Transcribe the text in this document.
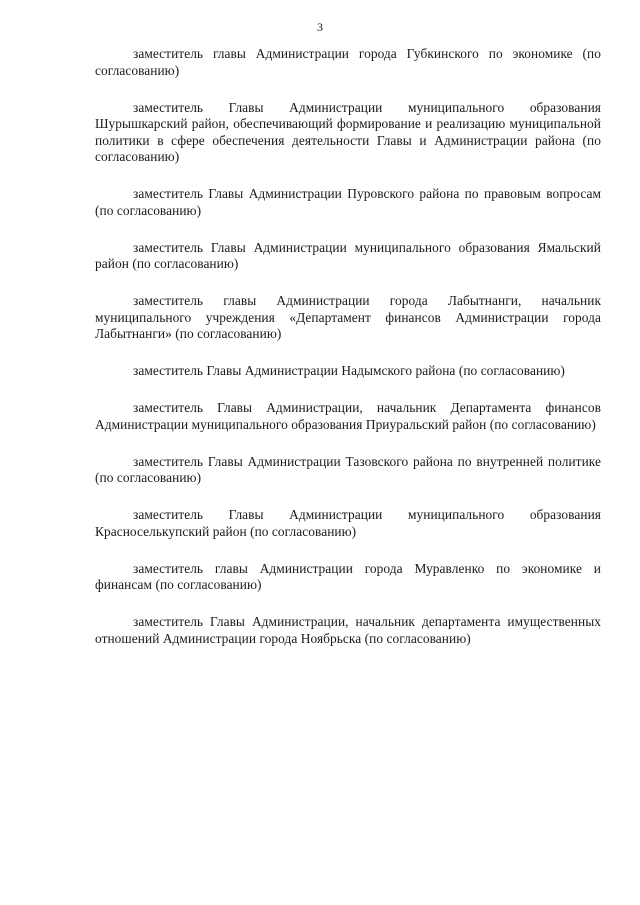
3

заместитель главы Администрации города Губкинского по экономике (по согласованию)

заместитель Главы Администрации муниципального образования Шурышкарский район, обеспечивающий формирование и реализацию муниципальной политики в сфере обеспечения деятельности Главы и Администрации района (по согласованию)

заместитель Главы Администрации Пуровского района по правовым вопросам (по согласованию)

заместитель Главы Администрации муниципального образования Ямальский район (по согласованию)

заместитель главы Администрации города Лабытнанги, начальник муниципального учреждения «Департамент финансов Администрации города Лабытнанги» (по согласованию)

заместитель Главы Администрации Надымского района (по согласованию)

заместитель Главы Администрации, начальник Департамента финансов Администрации муниципального образования Приуральский район (по согласованию)

заместитель Главы Администрации Тазовского района по внутренней политике (по согласованию)

заместитель Главы Администрации муниципального образования Красноселькупский район (по согласованию)

заместитель главы Администрации города Муравленко по экономике и финансам (по согласованию)

заместитель Главы Администрации, начальник департамента имущественных отношений Администрации города Ноябрьска (по согласованию)
